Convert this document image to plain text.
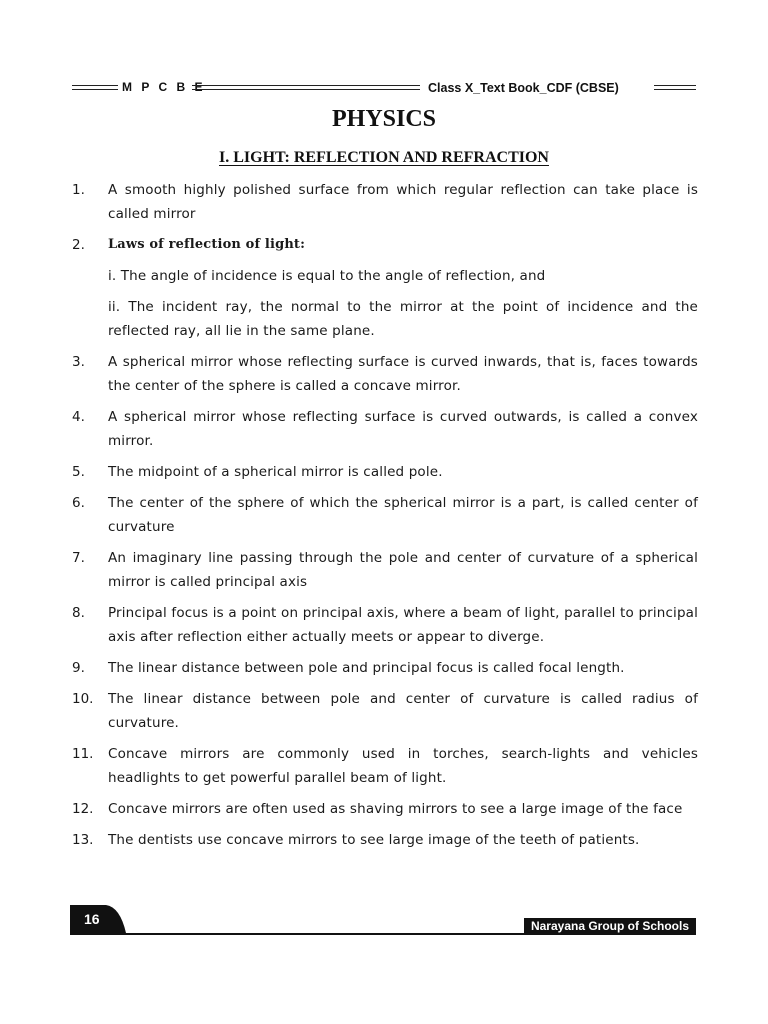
M P C B E	Class X_Text Book_CDF (CBSE)
PHYSICS
I. LIGHT: REFLECTION AND REFRACTION
1.	A smooth highly polished surface from which regular reflection can take place is called mirror
2.	Laws of reflection of light:
i. The angle of incidence is equal to the angle of reflection, and
ii. The incident ray, the normal to the mirror at the point of incidence and the reflected ray, all lie in the same plane.
3.	A spherical mirror whose reflecting surface is curved inwards, that is, faces towards the center of the sphere is called a concave mirror.
4.	A spherical mirror whose reflecting surface is curved outwards, is called a convex mirror.
5.	The midpoint of a spherical mirror is called pole.
6.	The center of the sphere of which the spherical mirror is a part, is called center of curvature
7.	An imaginary line passing through the pole and center of curvature of a spherical mirror is called principal axis
8.	Principal focus is a point on principal axis, where a beam of light, parallel to principal axis after reflection either actually meets or appear to diverge.
9.	The linear distance between pole and principal focus is called focal length.
10.	The linear distance between pole and center of curvature is called radius of curvature.
11.	Concave mirrors are commonly used in torches, search-lights and vehicles headlights to get powerful parallel beam of light.
12.	Concave mirrors are often used as shaving mirrors to see a large image of the face
13.	The dentists use concave mirrors to see large image of the teeth of patients.
16	Narayana Group of Schools
